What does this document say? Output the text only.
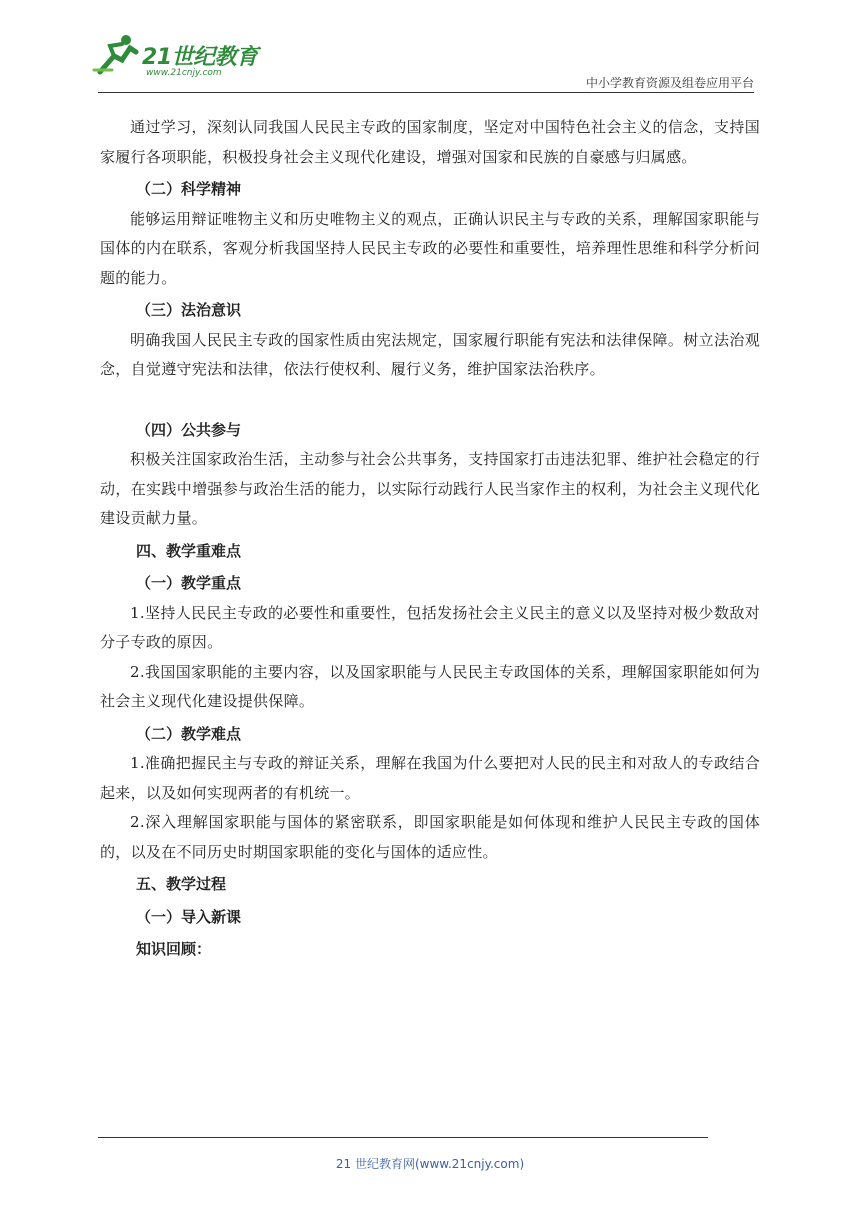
21世纪教育
www.21cnjy.com
中小学教育资源及组卷应用平台

通过学习，深刻认同我国人民民主专政的国家制度，坚定对中国特色社会主义的信念，支持国家履行各项职能，积极投身社会主义现代化建设，增强对国家和民族的自豪感与归属感。

（二）科学精神

能够运用辩证唯物主义和历史唯物主义的观点，正确认识民主与专政的关系，理解国家职能与国体的内在联系，客观分析我国坚持人民民主专政的必要性和重要性，培养理性思维和科学分析问题的能力。

（三）法治意识

明确我国人民民主专政的国家性质由宪法规定，国家履行职能有宪法和法律保障。树立法治观念，自觉遵守宪法和法律，依法行使权利、履行义务，维护国家法治秩序。

（四）公共参与

积极关注国家政治生活，主动参与社会公共事务，支持国家打击违法犯罪、维护社会稳定的行动，在实践中增强参与政治生活的能力，以实际行动践行人民当家作主的权利，为社会主义现代化建设贡献力量。

四、教学重难点

（一）教学重点

1.坚持人民民主专政的必要性和重要性，包括发扬社会主义民主的意义以及坚持对极少数敌对分子专政的原因。

2.我国国家职能的主要内容，以及国家职能与人民民主专政国体的关系，理解国家职能如何为社会主义现代化建设提供保障。

（二）教学难点

1.准确把握民主与专政的辩证关系，理解在我国为什么要把对人民的民主和对敌人的专政结合起来，以及如何实现两者的有机统一。

2.深入理解国家职能与国体的紧密联系，即国家职能是如何体现和维护人民民主专政的国体的，以及在不同历史时期国家职能的变化与国体的适应性。

五、教学过程

（一）导入新课

知识回顾：

21 世纪教育网(www.21cnjy.com)
